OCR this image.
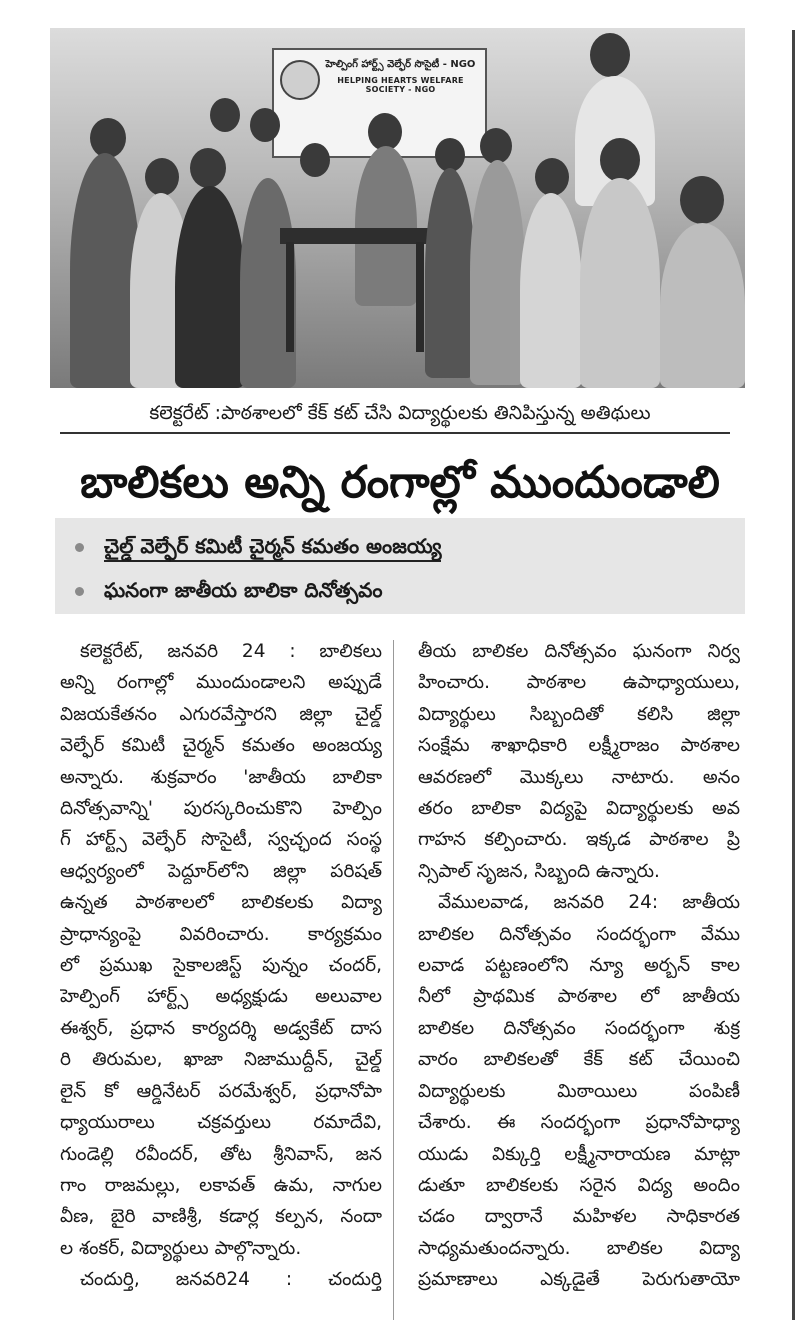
హెల్పింగ్ హార్ట్స్ వెల్ఫేర్ సొసైటీ - NGO
HELPING HEARTS WELFARE SOCIETY - NGO
కలెక్టరేట్ :పాఠశాలలో కేక్ కట్ చేసి విద్యార్థులకు తినిపిస్తున్న అతిథులు
బాలికలు అన్ని రంగాల్లో ముందుండాలి
చైల్డ్ వెల్ఫేర్ కమిటీ చైర్మన్ కమతం అంజయ్య
ఘనంగా జాతీయ బాలికా దినోత్సవం
కలెక్టరేట్, జనవరి 24 : బాలికలు
అన్ని రంగాల్లో ముందుండాలని అప్పుడే
విజయకేతనం ఎగురవేస్తారని జిల్లా చైల్డ్
వెల్ఫేర్ కమిటీ చైర్మన్ కమతం అంజయ్య
అన్నారు. శుక్రవారం 'జాతీయ బాలికా
దినోత్సవాన్ని' పురస్కరించుకొని హెల్పిం
గ్ హార్ట్స్ వెల్ఫేర్ సొసైటీ, స్వచ్ఛంద సంస్థ
ఆధ్వర్యంలో పెద్దూర్‌లోని జిల్లా పరిషత్
ఉన్నత పాఠశాలలో బాలికలకు విద్యా
ప్రాధాన్యంపై వివరించారు. కార్యక్రమం
లో ప్రముఖ సైకాలజిస్ట్ పున్నం చందర్,
హెల్పింగ్ హార్ట్స్ అధ్యక్షుడు అలువాల
ఈశ్వర్, ప్రధాన కార్యదర్శి అడ్వకేట్ దాస
రి తిరుమల, ఖాజా నిజాముద్దీన్, చైల్డ్
లైన్ కో ఆర్డినేటర్ పరమేశ్వర్, ప్రధానోపా
ధ్యాయురాలు చక్రవర్తులు రమాదేవి,
గుండెల్లి రవీందర్, తోట శ్రీనివాస్, జన
గాం రాజమల్లు, లకావత్ ఉమ, నాగుల
వీణ, బైరి వాణిశ్రీ, కడార్ల కల్పన, నందా
ల శంకర్, విద్యార్థులు పాల్గొన్నారు.
చందుర్తి, జనవరి24 : చందుర్తి
తీయ బాలికల దినోత్సవం ఘనంగా నిర్వ
హించారు. పాఠశాల ఉపాధ్యాయులు,
విద్యార్థులు సిబ్బందితో కలిసి జిల్లా
సంక్షేమ శాఖాధికారి లక్ష్మీరాజం పాఠశాల
ఆవరణలో మొక్కలు నాటారు. అనం
తరం బాలికా విద్యపై విద్యార్థులకు అవ
గాహన కల్పించారు. ఇక్కడ పాఠశాల ప్రి
న్సిపాల్ సృజన, సిబ్బంది ఉన్నారు.
వేములవాడ, జనవరి 24: జాతీయ
బాలికల దినోత్సవం సందర్భంగా వేము
లవాడ పట్టణంలోని న్యూ అర్బన్ కాల
నీలో ప్రాథమిక పాఠశాల లో జాతీయ
బాలికల దినోత్సవం సందర్భంగా శుక్ర
వారం బాలికలతో కేక్ కట్ చేయించి
విద్యార్థులకు మిఠాయిలు పంపిణీ
చేశారు. ఈ సందర్భంగా ప్రధానోపాధ్యా
యుడు విక్కుర్తి లక్ష్మీనారాయణ మాట్లా
డుతూ బాలికలకు సరైన విద్య అందిం
చడం ద్వారానే మహిళల సాధికారత
సాధ్యమతుందన్నారు. బాలికల విద్యా
ప్రమాణాలు ఎక్కడైతే పెరుగుతాయో
